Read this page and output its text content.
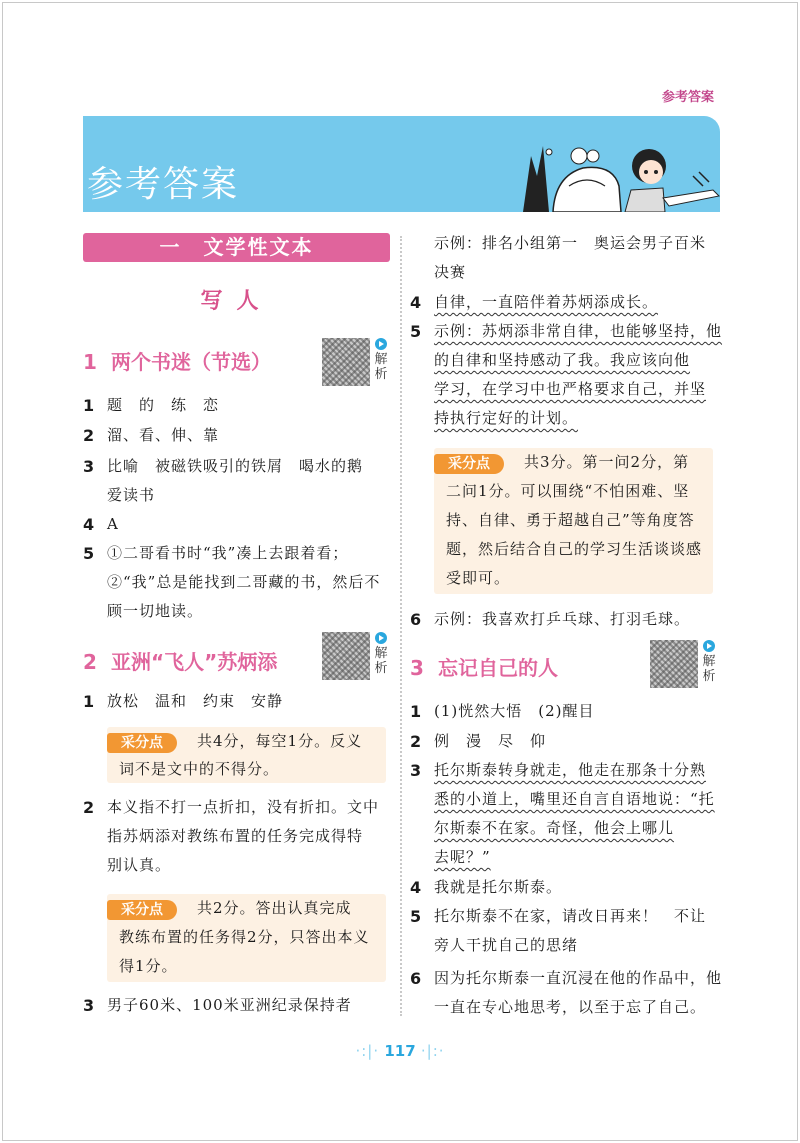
参考答案
参考答案
一　文学性文本
写人
1 两个书迷（节选）	解析
1 题　的　练　恋
2 溜、看、伸、靠
3 比喻　被磁铁吸引的铁屑　喝水的鹅
爱读书
4 A
5 ①二哥看书时“我”凑上去跟着看；
②“我”总是能找到二哥藏的书，然后不
顾一切地读。
2 亚洲“飞人”苏炳添	解析
1 放松　温和　约束　安静
采分点	共4分，每空1分。反义
词不是文中的不得分。
2 本义指不打一点折扣，没有折扣。文中
指苏炳添对教练布置的任务完成得特
别认真。
采分点	共2分。答出认真完成
教练布置的任务得2分，只答出本义
得1分。
3 男子60米、100米亚洲纪录保持者
示例：排名小组第一　奥运会男子百米
决赛
4 自律，一直陪伴着苏炳添成长。
5 示例：苏炳添非常自律，也能够坚持，他
的自律和坚持感动了我。我应该向他
学习，在学习中也严格要求自己，并坚
持执行定好的计划。
采分点	共3分。第一问2分，第
二问1分。可以围绕“不怕困难、坚
持、自律、勇于超越自己”等角度答
题，然后结合自己的学习生活谈谈感
受即可。
6 示例：我喜欢打乒乓球、打羽毛球。
3 忘记自己的人	解析
1 (1)恍然大悟　(2)醒目
2 例　漫　尽　仰
3 托尔斯泰转身就走，他走在那条十分熟
悉的小道上，嘴里还自言自语地说：“托
尔斯泰不在家。奇怪，他会上哪儿
去呢？”
4 我就是托尔斯泰。
5 托尔斯泰不在家，请改日再来！　不让
旁人干扰自己的思绪
6 因为托尔斯泰一直沉浸在他的作品中，他
一直在专心地思考，以至于忘了自己。
·:|· 117 ·|:·
